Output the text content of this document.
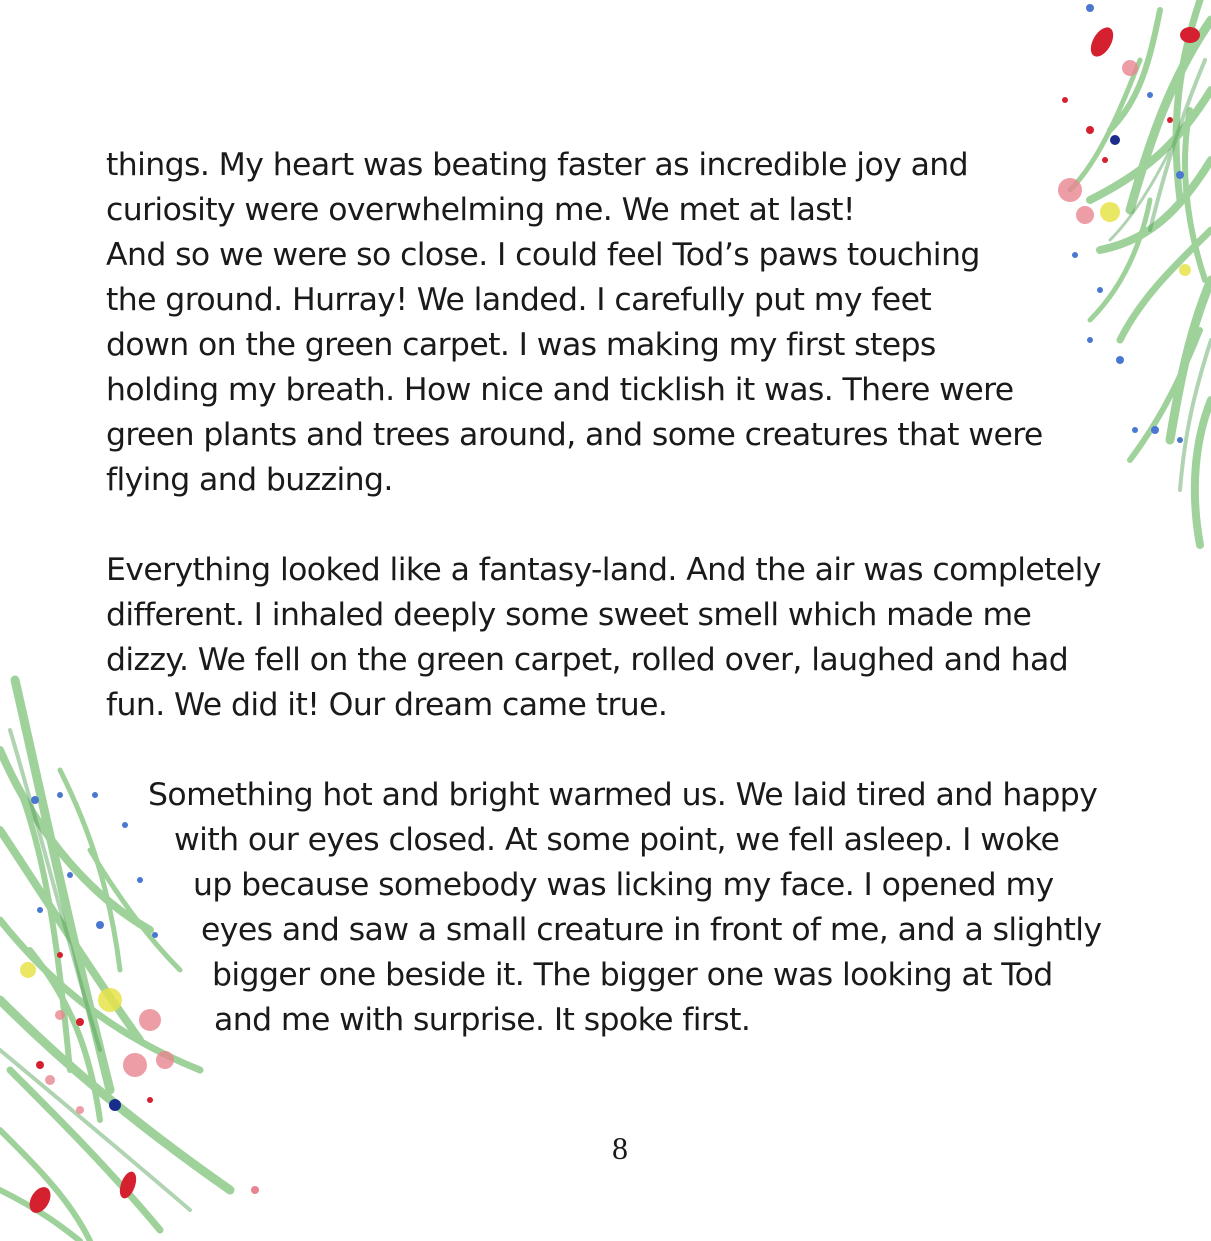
things. My heart was beating faster as incredible joy and
curiosity were overwhelming me. We met at last!
And so we were so close. I could feel Tod’s paws touching
the ground. Hurray! We landed. I carefully put my feet
down on the green carpet. I was making my first steps
holding my breath. How nice and ticklish it was. There were
green plants and trees around, and some creatures that were
flying and buzzing.
Everything looked like a fantasy-land. And the air was completely
different. I inhaled deeply some sweet smell which made me
dizzy. We fell on the green carpet, rolled over, laughed and had
fun. We did it! Our dream came true.
Something hot and bright warmed us. We laid tired and happy
with our eyes closed. At some point, we fell asleep. I woke
up because somebody was licking my face. I opened my
eyes and saw a small creature in front of me, and a slightly
bigger one beside it. The bigger one was looking at Tod
and me with surprise. It spoke first.
8
